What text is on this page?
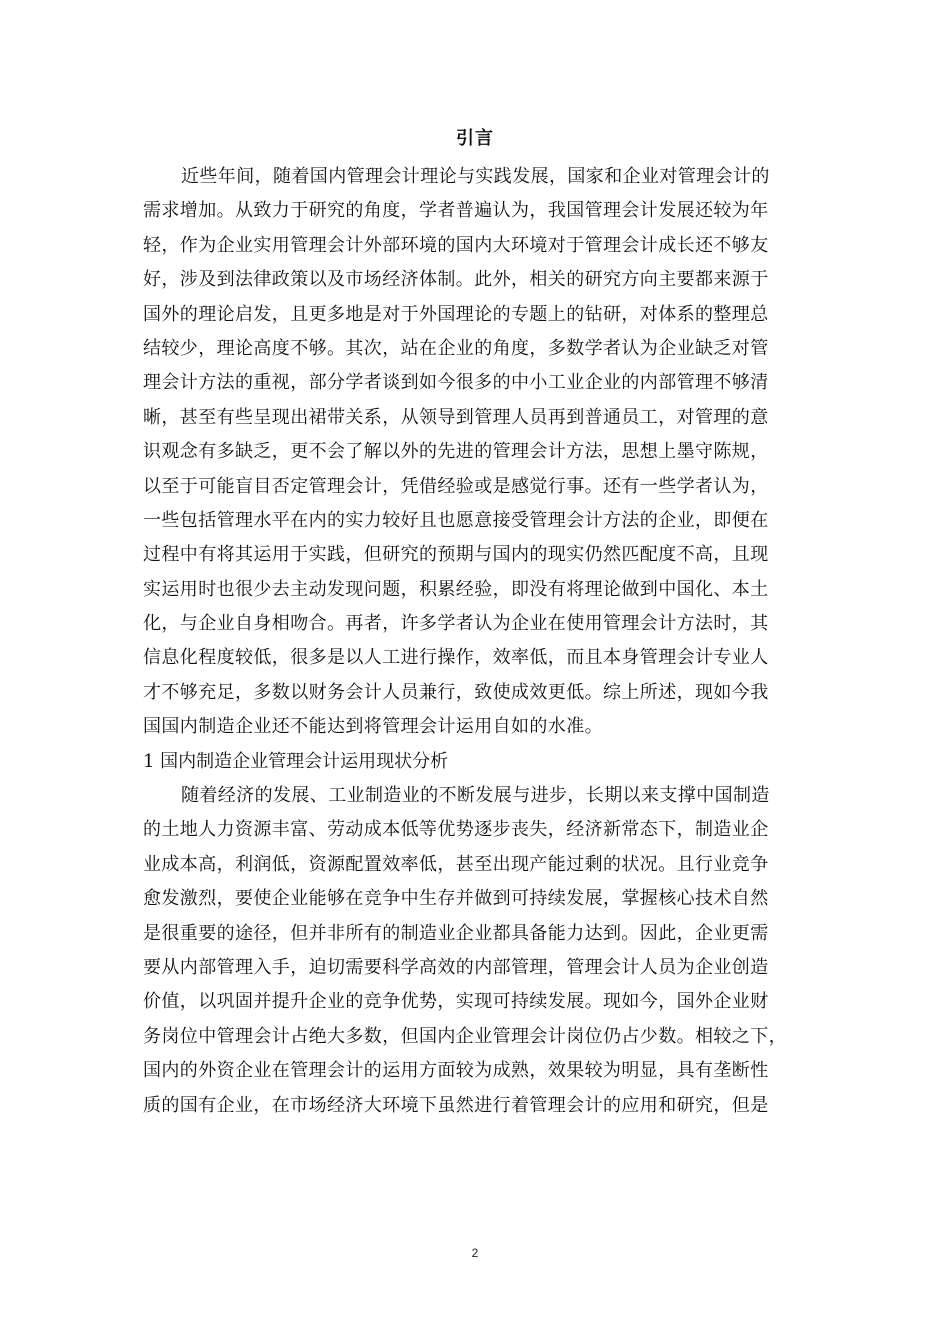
引言
近些年间，随着国内管理会计理论与实践发展，国家和企业对管理会计的
需求增加。从致力于研究的角度，学者普遍认为，我国管理会计发展还较为年
轻，作为企业实用管理会计外部环境的国内大环境对于管理会计成长还不够友
好，涉及到法律政策以及市场经济体制。此外，相关的研究方向主要都来源于
国外的理论启发，且更多地是对于外国理论的专题上的钻研，对体系的整理总
结较少，理论高度不够。其次，站在企业的角度，多数学者认为企业缺乏对管
理会计方法的重视，部分学者谈到如今很多的中小工业企业的内部管理不够清
晰，甚至有些呈现出裙带关系，从领导到管理人员再到普通员工，对管理的意
识观念有多缺乏，更不会了解以外的先进的管理会计方法，思想上墨守陈规，
以至于可能盲目否定管理会计，凭借经验或是感觉行事。还有一些学者认为，
一些包括管理水平在内的实力较好且也愿意接受管理会计方法的企业，即便在
过程中有将其运用于实践，但研究的预期与国内的现实仍然匹配度不高，且现
实运用时也很少去主动发现问题，积累经验，即没有将理论做到中国化、本土
化，与企业自身相吻合。再者，许多学者认为企业在使用管理会计方法时，其
信息化程度较低，很多是以人工进行操作，效率低，而且本身管理会计专业人
才不够充足，多数以财务会计人员兼行，致使成效更低。综上所述，现如今我
国国内制造企业还不能达到将管理会计运用自如的水准。
1 国内制造企业管理会计运用现状分析
随着经济的发展、工业制造业的不断发展与进步，长期以来支撑中国制造
的土地人力资源丰富、劳动成本低等优势逐步丧失，经济新常态下，制造业企
业成本高，利润低，资源配置效率低，甚至出现产能过剩的状况。且行业竞争
愈发激烈，要使企业能够在竞争中生存并做到可持续发展，掌握核心技术自然
是很重要的途径，但并非所有的制造业企业都具备能力达到。因此，企业更需
要从内部管理入手，迫切需要科学高效的内部管理，管理会计人员为企业创造
价值，以巩固并提升企业的竞争优势，实现可持续发展。现如今，国外企业财
务岗位中管理会计占绝大多数，但国内企业管理会计岗位仍占少数。相较之下，
国内的外资企业在管理会计的运用方面较为成熟，效果较为明显，具有垄断性
质的国有企业，在市场经济大环境下虽然进行着管理会计的应用和研究，但是
2
